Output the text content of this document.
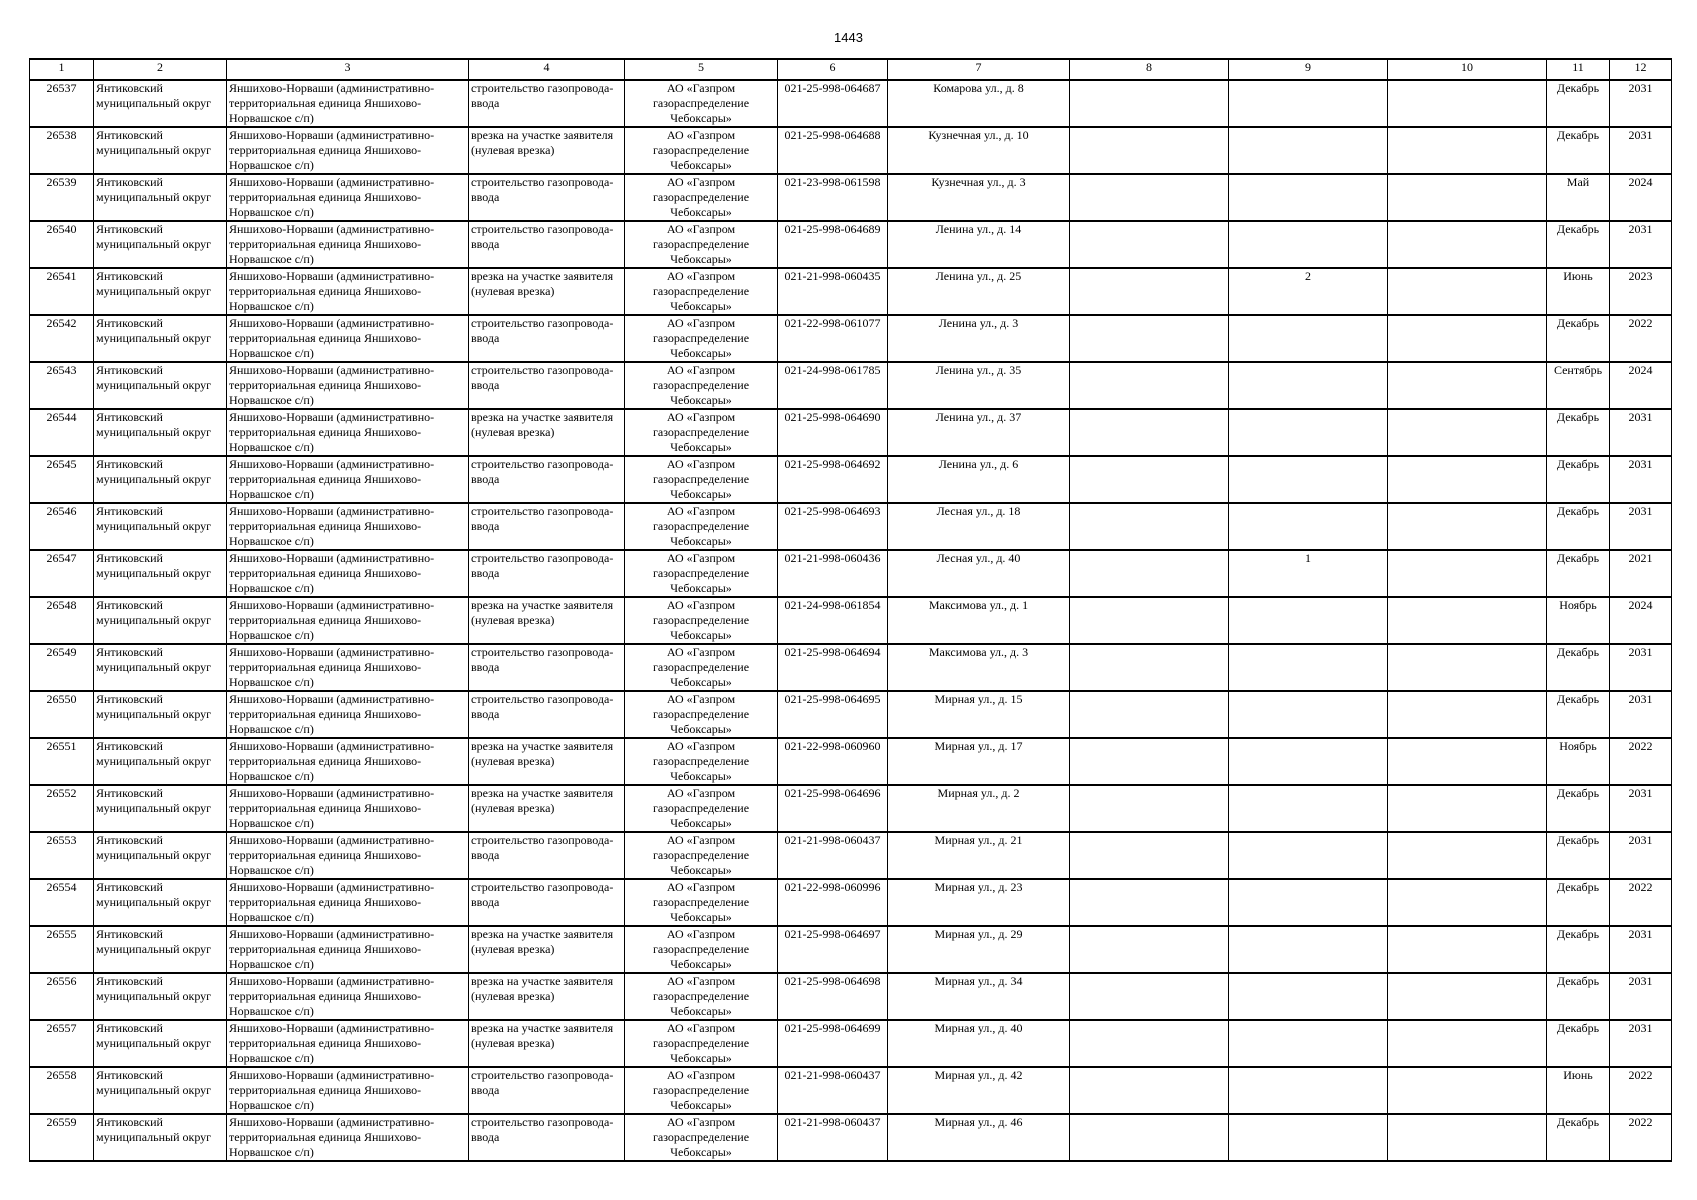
1443
1	2	3	4	5	6	7	8	9	10	11	12

26537	Янтиковский муниципальный округ	Яншихово-Норваши (административно-территориальная единица Яншихово-Норвашское с/п)	строительство газопровода-ввода	АО «Газпром газораспределение Чебоксары»	021-25-998-064687	Комарова ул., д. 8				Декабрь	2031

26538	Янтиковский муниципальный округ	Яншихово-Норваши (административно-территориальная единица Яншихово-Норвашское с/п)	врезка на участке заявителя (нулевая врезка)	АО «Газпром газораспределение Чебоксары»	021-25-998-064688	Кузнечная ул., д. 10				Декабрь	2031

26539	Янтиковский муниципальный округ	Яншихово-Норваши (административно-территориальная единица Яншихово-Норвашское с/п)	строительство газопровода-ввода	АО «Газпром газораспределение Чебоксары»	021-23-998-061598	Кузнечная ул., д. 3				Май	2024

26540	Янтиковский муниципальный округ	Яншихово-Норваши (административно-территориальная единица Яншихово-Норвашское с/п)	строительство газопровода-ввода	АО «Газпром газораспределение Чебоксары»	021-25-998-064689	Ленина ул., д. 14				Декабрь	2031

26541	Янтиковский муниципальный округ	Яншихово-Норваши (административно-территориальная единица Яншихово-Норвашское с/п)	врезка на участке заявителя (нулевая врезка)	АО «Газпром газораспределение Чебоксары»	021-21-998-060435	Ленина ул., д. 25		2		Июнь	2023

26542	Янтиковский муниципальный округ	Яншихово-Норваши (административно-территориальная единица Яншихово-Норвашское с/п)	строительство газопровода-ввода	АО «Газпром газораспределение Чебоксары»	021-22-998-061077	Ленина ул., д. 3				Декабрь	2022

26543	Янтиковский муниципальный округ	Яншихово-Норваши (административно-территориальная единица Яншихово-Норвашское с/п)	строительство газопровода-ввода	АО «Газпром газораспределение Чебоксары»	021-24-998-061785	Ленина ул., д. 35				Сентябрь	2024

26544	Янтиковский муниципальный округ	Яншихово-Норваши (административно-территориальная единица Яншихово-Норвашское с/п)	врезка на участке заявителя (нулевая врезка)	АО «Газпром газораспределение Чебоксары»	021-25-998-064690	Ленина ул., д. 37				Декабрь	2031

26545	Янтиковский муниципальный округ	Яншихово-Норваши (административно-территориальная единица Яншихово-Норвашское с/п)	строительство газопровода-ввода	АО «Газпром газораспределение Чебоксары»	021-25-998-064692	Ленина ул., д. 6				Декабрь	2031

26546	Янтиковский муниципальный округ	Яншихово-Норваши (административно-территориальная единица Яншихово-Норвашское с/п)	строительство газопровода-ввода	АО «Газпром газораспределение Чебоксары»	021-25-998-064693	Лесная ул., д. 18				Декабрь	2031

26547	Янтиковский муниципальный округ	Яншихово-Норваши (административно-территориальная единица Яншихово-Норвашское с/п)	строительство газопровода-ввода	АО «Газпром газораспределение Чебоксары»	021-21-998-060436	Лесная ул., д. 40		1		Декабрь	2021

26548	Янтиковский муниципальный округ	Яншихово-Норваши (административно-территориальная единица Яншихово-Норвашское с/п)	врезка на участке заявителя (нулевая врезка)	АО «Газпром газораспределение Чебоксары»	021-24-998-061854	Максимова ул., д. 1				Ноябрь	2024

26549	Янтиковский муниципальный округ	Яншихово-Норваши (административно-территориальная единица Яншихово-Норвашское с/п)	строительство газопровода-ввода	АО «Газпром газораспределение Чебоксары»	021-25-998-064694	Максимова ул., д. 3				Декабрь	2031

26550	Янтиковский муниципальный округ	Яншихово-Норваши (административно-территориальная единица Яншихово-Норвашское с/п)	строительство газопровода-ввода	АО «Газпром газораспределение Чебоксары»	021-25-998-064695	Мирная ул., д. 15				Декабрь	2031

26551	Янтиковский муниципальный округ	Яншихово-Норваши (административно-территориальная единица Яншихово-Норвашское с/п)	врезка на участке заявителя (нулевая врезка)	АО «Газпром газораспределение Чебоксары»	021-22-998-060960	Мирная ул., д. 17				Ноябрь	2022

26552	Янтиковский муниципальный округ	Яншихово-Норваши (административно-территориальная единица Яншихово-Норвашское с/п)	врезка на участке заявителя (нулевая врезка)	АО «Газпром газораспределение Чебоксары»	021-25-998-064696	Мирная ул., д. 2				Декабрь	2031

26553	Янтиковский муниципальный округ	Яншихово-Норваши (административно-территориальная единица Яншихово-Норвашское с/п)	строительство газопровода-ввода	АО «Газпром газораспределение Чебоксары»	021-21-998-060437	Мирная ул., д. 21				Декабрь	2031

26554	Янтиковский муниципальный округ	Яншихово-Норваши (административно-территориальная единица Яншихово-Норвашское с/п)	строительство газопровода-ввода	АО «Газпром газораспределение Чебоксары»	021-22-998-060996	Мирная ул., д. 23				Декабрь	2022

26555	Янтиковский муниципальный округ	Яншихово-Норваши (административно-территориальная единица Яншихово-Норвашское с/п)	врезка на участке заявителя (нулевая врезка)	АО «Газпром газораспределение Чебоксары»	021-25-998-064697	Мирная ул., д. 29				Декабрь	2031

26556	Янтиковский муниципальный округ	Яншихово-Норваши (административно-территориальная единица Яншихово-Норвашское с/п)	врезка на участке заявителя (нулевая врезка)	АО «Газпром газораспределение Чебоксары»	021-25-998-064698	Мирная ул., д. 34				Декабрь	2031

26557	Янтиковский муниципальный округ	Яншихово-Норваши (административно-территориальная единица Яншихово-Норвашское с/п)	врезка на участке заявителя (нулевая врезка)	АО «Газпром газораспределение Чебоксары»	021-25-998-064699	Мирная ул., д. 40				Декабрь	2031

26558	Янтиковский муниципальный округ	Яншихово-Норваши (административно-территориальная единица Яншихово-Норвашское с/п)	строительство газопровода-ввода	АО «Газпром газораспределение Чебоксары»	021-21-998-060437	Мирная ул., д. 42				Июнь	2022

26559	Янтиковский муниципальный округ	Яншихово-Норваши (административно-территориальная единица Яншихово-Норвашское с/п)	строительство газопровода-ввода	АО «Газпром газораспределение Чебоксары»	021-21-998-060437	Мирная ул., д. 46				Декабрь	2022
